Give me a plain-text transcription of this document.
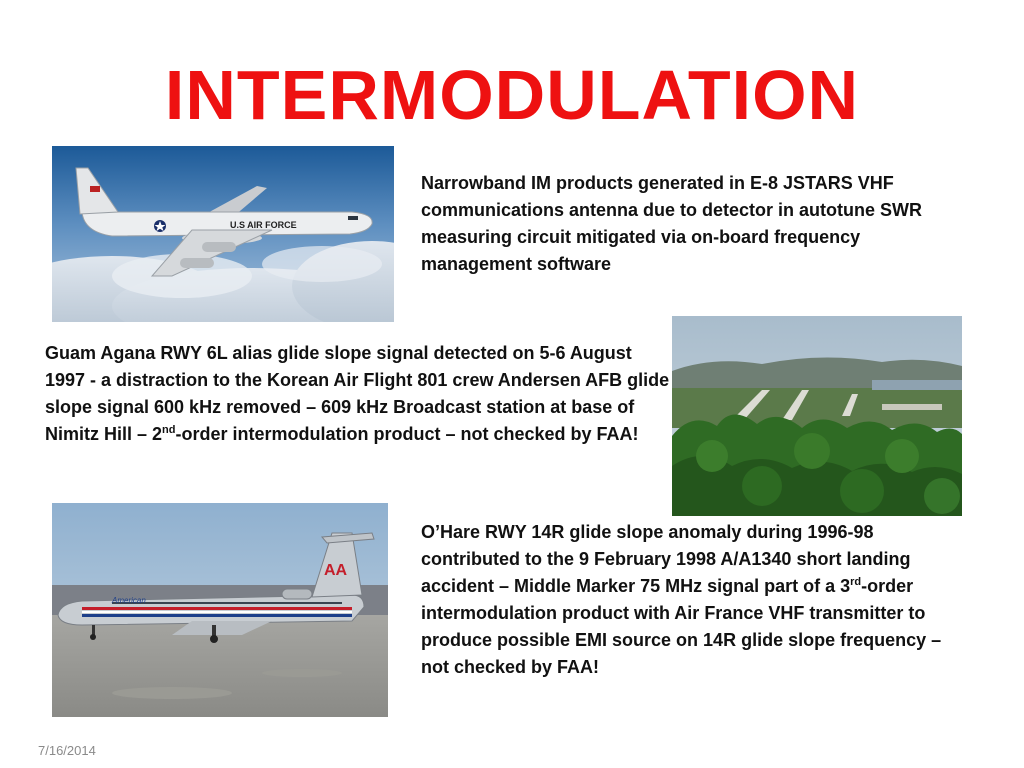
INTERMODULATION
U.S AIR FORCE
Narrowband IM products generated in E-8 JSTARS VHF communications antenna due to detector in autotune SWR measuring circuit mitigated via on-board frequency management software
Guam Agana RWY 6L alias glide slope signal detected on 5-6 August 1997 - a distraction to the Korean Air Flight 801 crew Andersen AFB glide slope signal 600 kHz removed – 609 kHz Broadcast station at base of Nimitz Hill – 2nd-order intermodulation product – not checked by FAA!
AA
American
O’Hare RWY 14R glide slope anomaly during 1996-98 contributed to the 9 February 1998 A/A1340 short landing accident – Middle Marker 75 MHz signal part of a 3rd-order intermodulation product with Air France VHF transmitter to produce possible EMI source on 14R glide slope frequency – not checked by FAA!
7/16/2014
